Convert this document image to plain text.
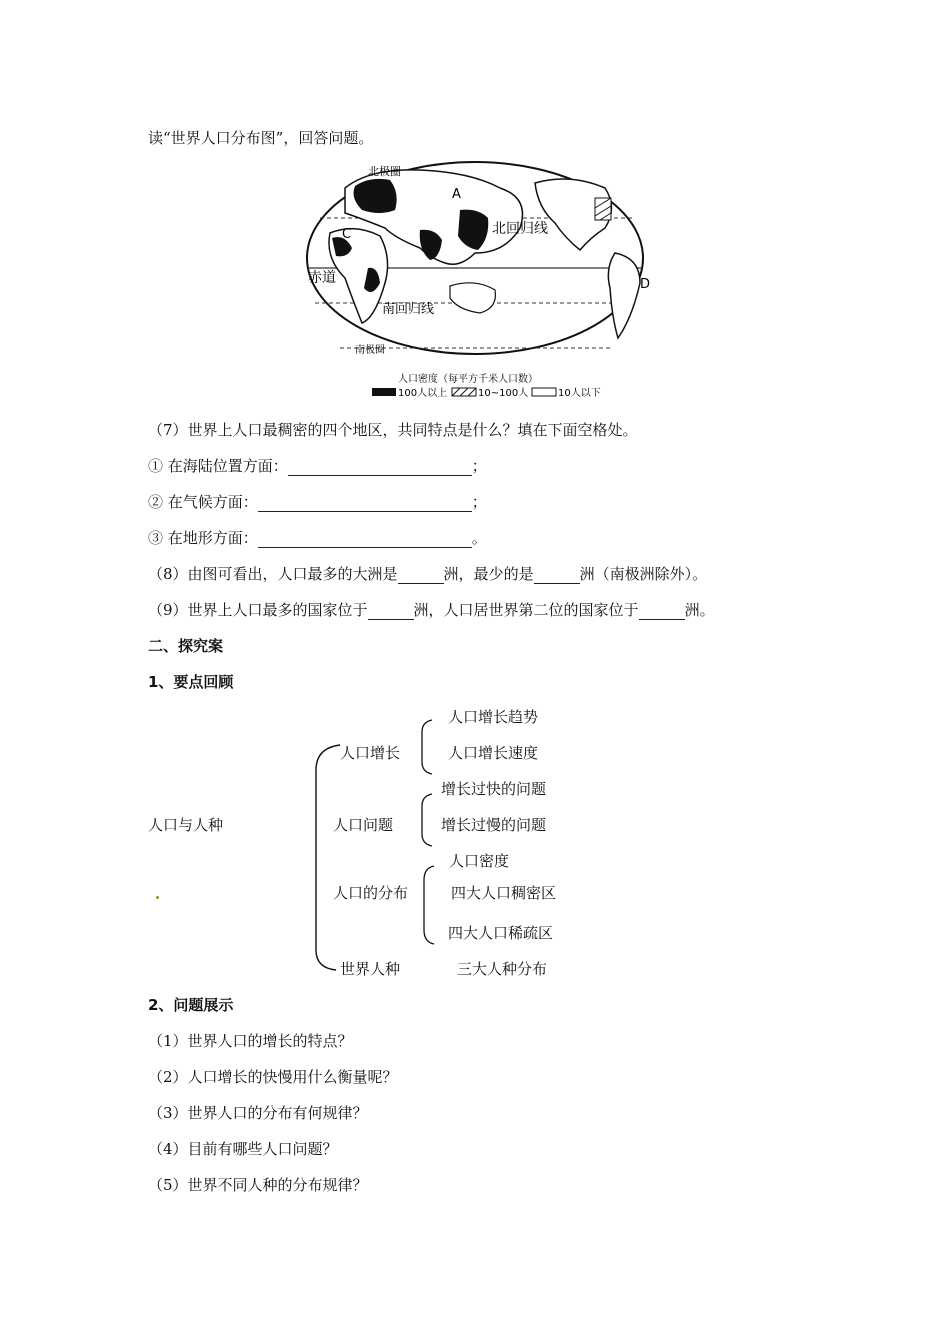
读“世界人口分布图”，回答问题。
北极圈
北回归线
赤道
南回归线
南极圈
A
B
C
D
E
人口密度（每平方千米人口数）
100人以上	10~100人	10人以下
（7）世界上人口最稠密的四个地区，共同特点是什么？填在下面空格处。
① 在海陆位置方面：	；
② 在气候方面：	；
③ 在地形方面：	。
（8）由图可看出，人口最多的大洲是	洲，最少的是	洲（南极洲除外）。
（9）世界上人口最多的国家位于	洲，人口居世界第二位的国家位于	洲。
二、探究案
1、要点回顾
人口与人种
人口增长
人口增长趋势
人口增长速度
人口问题
增长过快的问题
增长过慢的问题
人口的分布
人口密度
四大人口稠密区
四大人口稀疏区
世界人种	三大人种分布
2、问题展示
（1）世界人口的增长的特点？
（2）人口增长的快慢用什么衡量呢？
（3）世界人口的分布有何规律？
（4）目前有哪些人口问题？
（5）世界不同人种的分布规律？
